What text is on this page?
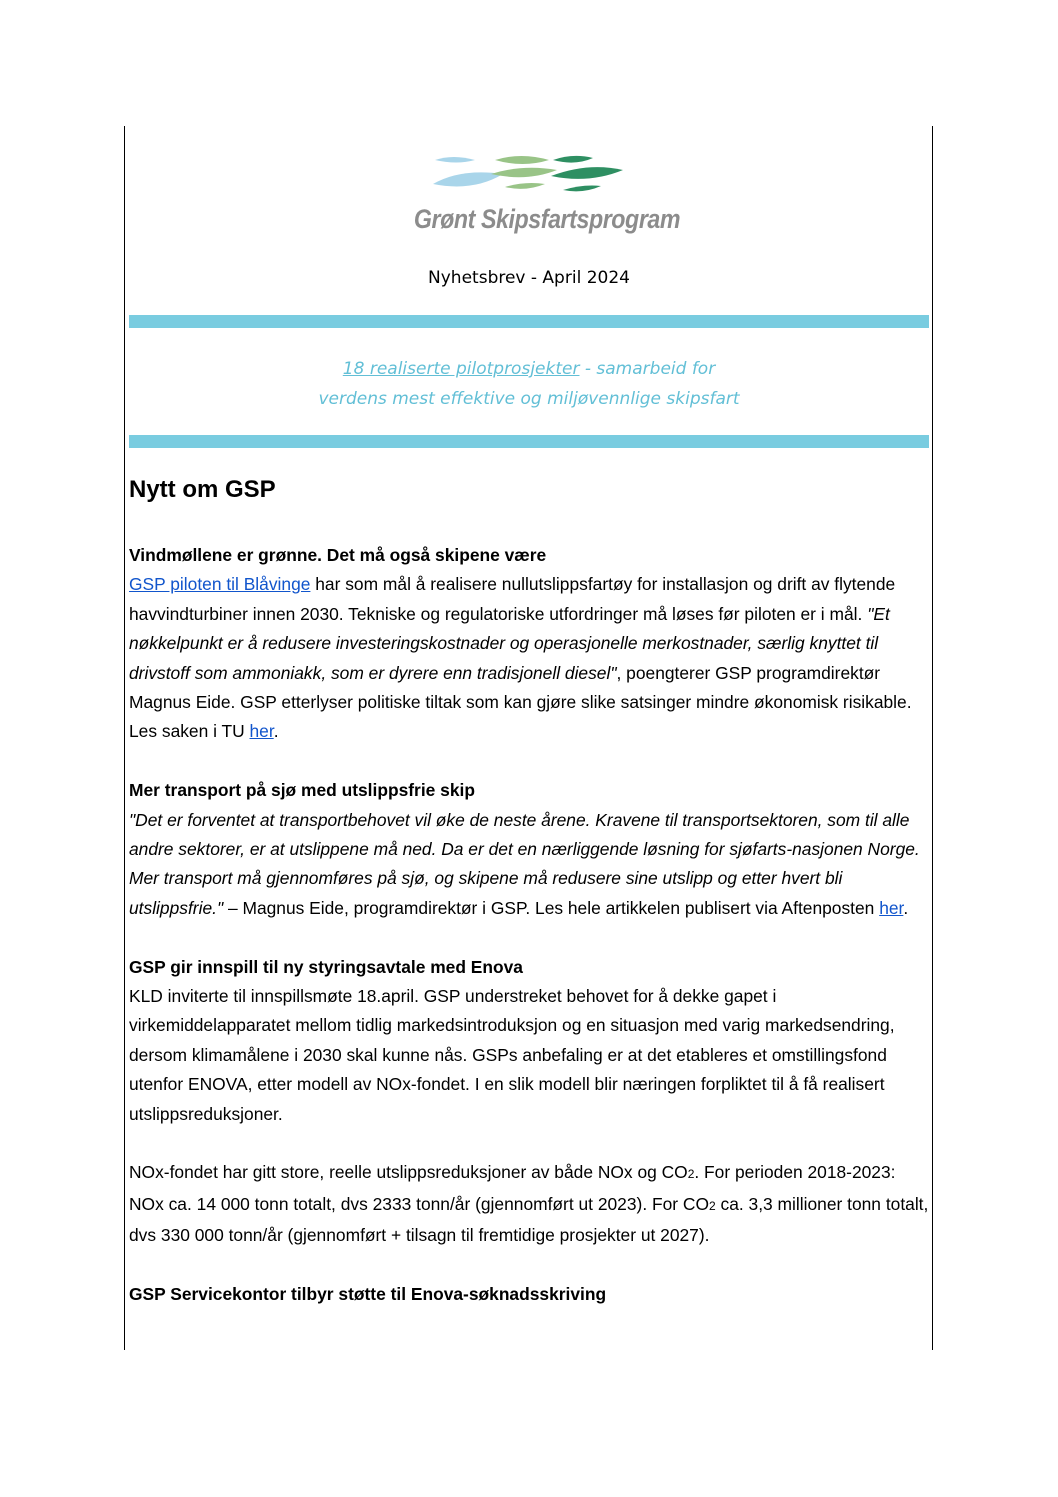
Grønt Skipsfartsprogram
Nyhetsbrev - April 2024
18 realiserte pilotprosjekter - samarbeid for
verdens mest effektive og miljøvennlige skipsfart
Nytt om GSP
Vindmøllene er grønne. Det må også skipene være

GSP piloten til Blåvinge har som mål å realisere nullutslippsfartøy for installasjon og drift av flytende havvindturbiner innen 2030. Tekniske og regulatoriske utfordringer må løses før piloten er i mål. "Et nøkkelpunkt er å redusere investeringskostnader og operasjonelle merkostnader, særlig knyttet til drivstoff som ammoniakk, som er dyrere enn tradisjonell diesel", poengterer GSP programdirektør Magnus Eide. GSP etterlyser politiske tiltak som kan gjøre slike satsinger mindre økonomisk risikable. Les saken i TU her.

Mer transport på sjø med utslippsfrie skip

"Det er forventet at transportbehovet vil øke de neste årene. Kravene til transportsektoren, som til alle andre sektorer, er at utslippene må ned. Da er det en nærliggende løsning for sjøfarts-nasjonen Norge. Mer transport må gjennomføres på sjø, og skipene må redusere sine utslipp og etter hvert bli utslippsfrie." – Magnus Eide, programdirektør i GSP. Les hele artikkelen publisert via Aftenposten her.

GSP gir innspill til ny styringsavtale med Enova

KLD inviterte til innspillsmøte 18.april. GSP understreket behovet for å dekke gapet i virkemiddelapparatet mellom tidlig markedsintroduksjon og en situasjon med varig markedsendring, dersom klimamålene i 2030 skal kunne nås. GSPs anbefaling er at det etableres et omstillingsfond utenfor ENOVA, etter modell av NOx-fondet. I en slik modell blir næringen forpliktet til å få realisert utslippsreduksjoner.

NOx-fondet har gitt store, reelle utslippsreduksjoner av både NOx og CO2. For perioden 2018-2023: NOx ca. 14 000 tonn totalt, dvs 2333 tonn/år (gjennomført ut 2023). For CO2 ca. 3,3 millioner tonn totalt, dvs 330 000 tonn/år (gjennomført + tilsagn til fremtidige prosjekter ut 2027).

GSP Servicekontor tilbyr støtte til Enova-søknadsskriving
